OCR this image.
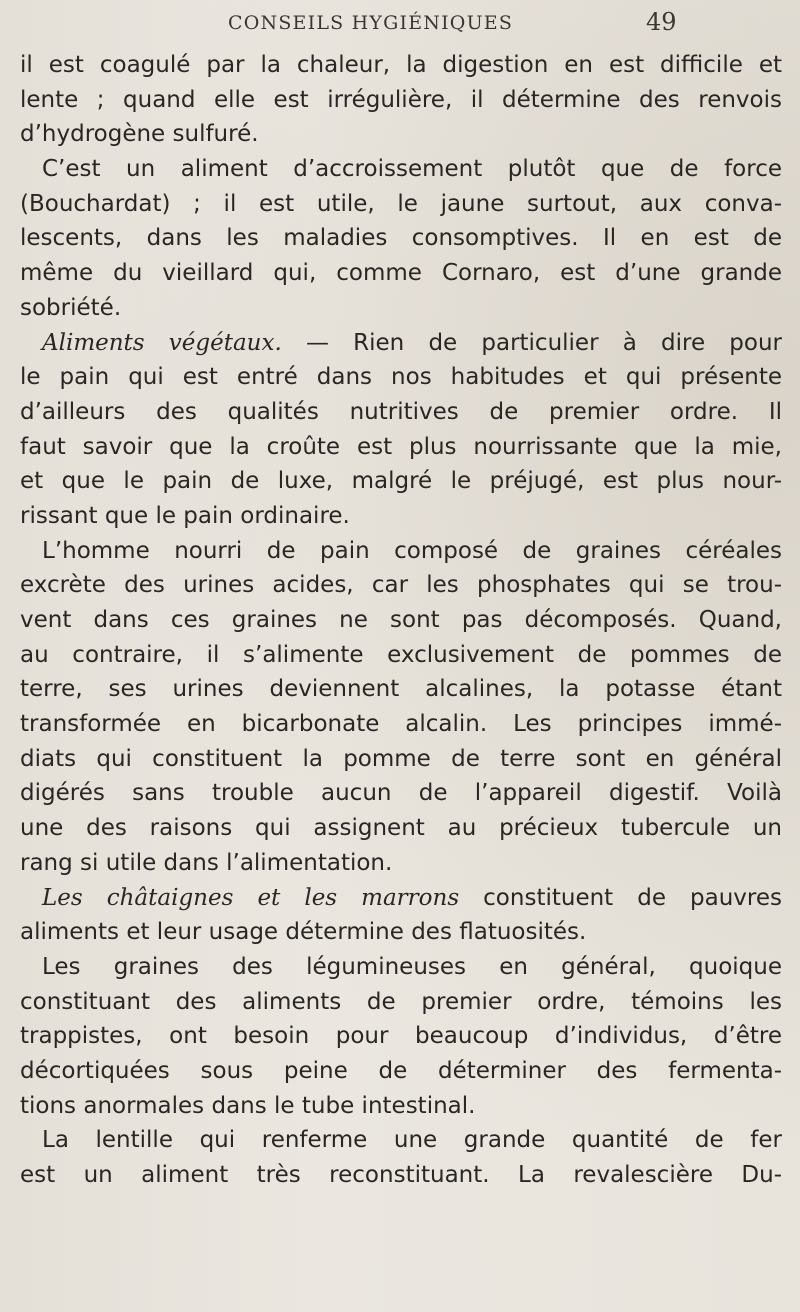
CONSEILS HYGIÉNIQUES	49
il est coagulé par la chaleur, la digestion en est difficile et
lente ; quand elle est irrégulière, il détermine des renvois
d’hydrogène sulfuré.
C’est un aliment d’accroissement plutôt que de force
(Bouchardat) ; il est utile, le jaune surtout, aux conva-
lescents, dans les maladies consomptives. Il en est de
même du vieillard qui, comme Cornaro, est d’une grande
sobriété.
Aliments végétaux. — Rien de particulier à dire pour
le pain qui est entré dans nos habitudes et qui présente
d’ailleurs des qualités nutritives de premier ordre. Il
faut savoir que la croûte est plus nourrissante que la mie,
et que le pain de luxe, malgré le préjugé, est plus nour-
rissant que le pain ordinaire.
L’homme nourri de pain composé de graines céréales
excrète des urines acides, car les phosphates qui se trou-
vent dans ces graines ne sont pas décomposés. Quand,
au contraire, il s’alimente exclusivement de pommes de
terre, ses urines deviennent alcalines, la potasse étant
transformée en bicarbonate alcalin. Les principes immé-
diats qui constituent la pomme de terre sont en général
digérés sans trouble aucun de l’appareil digestif. Voilà
une des raisons qui assignent au précieux tubercule un
rang si utile dans l’alimentation.
Les châtaignes et les marrons constituent de pauvres
aliments et leur usage détermine des flatuosités.
Les graines des légumineuses en général, quoique
constituant des aliments de premier ordre, témoins les
trappistes, ont besoin pour beaucoup d’individus, d’être
décortiquées sous peine de déterminer des fermenta-
tions anormales dans le tube intestinal.
La lentille qui renferme une grande quantité de fer
est un aliment très reconstituant. La revalescière Du-
